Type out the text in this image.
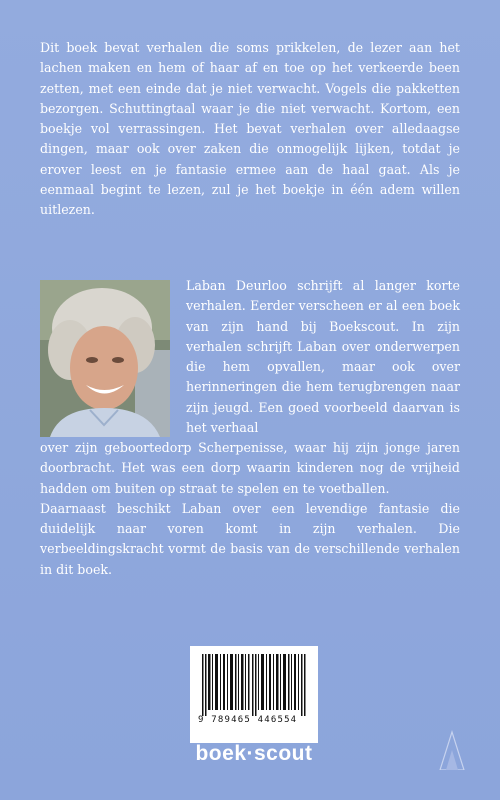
Dit boek bevat verhalen die soms prikkelen, de lezer aan het lachen maken en hem of haar af en toe op het verkeerde been zetten, met een einde dat je niet verwacht. Vogels die pakketten bezorgen. Schuttingtaal waar je die niet verwacht. Kortom, een boekje vol verrassingen. Het bevat verhalen over alledaagse dingen, maar ook over zaken die onmogelijk lijken, totdat je erover leest en je fantasie ermee aan de haal gaat. Als je eenmaal begint te lezen, zul je het boekje in één adem willen uitlezen.

Laban Deurloo schrijft al langer korte verhalen. Eerder verscheen er al een boek van zijn hand bij Boekscout. In zijn verhalen schrijft Laban over onderwerpen die hem opvallen, maar ook over herinneringen die hem terugbrengen naar zijn jeugd. Een goed voorbeeld daarvan is het verhaal

over zijn geboortedorp Scherpenisse, waar hij zijn jonge jaren doorbracht. Het was een dorp waarin kinderen nog de vrijheid hadden om buiten op straat te spelen en te voetballen.

Daarnaast beschikt Laban over een levendige fantasie die duidelijk naar voren komt in zijn verhalen. Die verbeeldingskracht vormt de basis van de verschillende verhalen in dit boek.

9 789465 446554
boek·scout
